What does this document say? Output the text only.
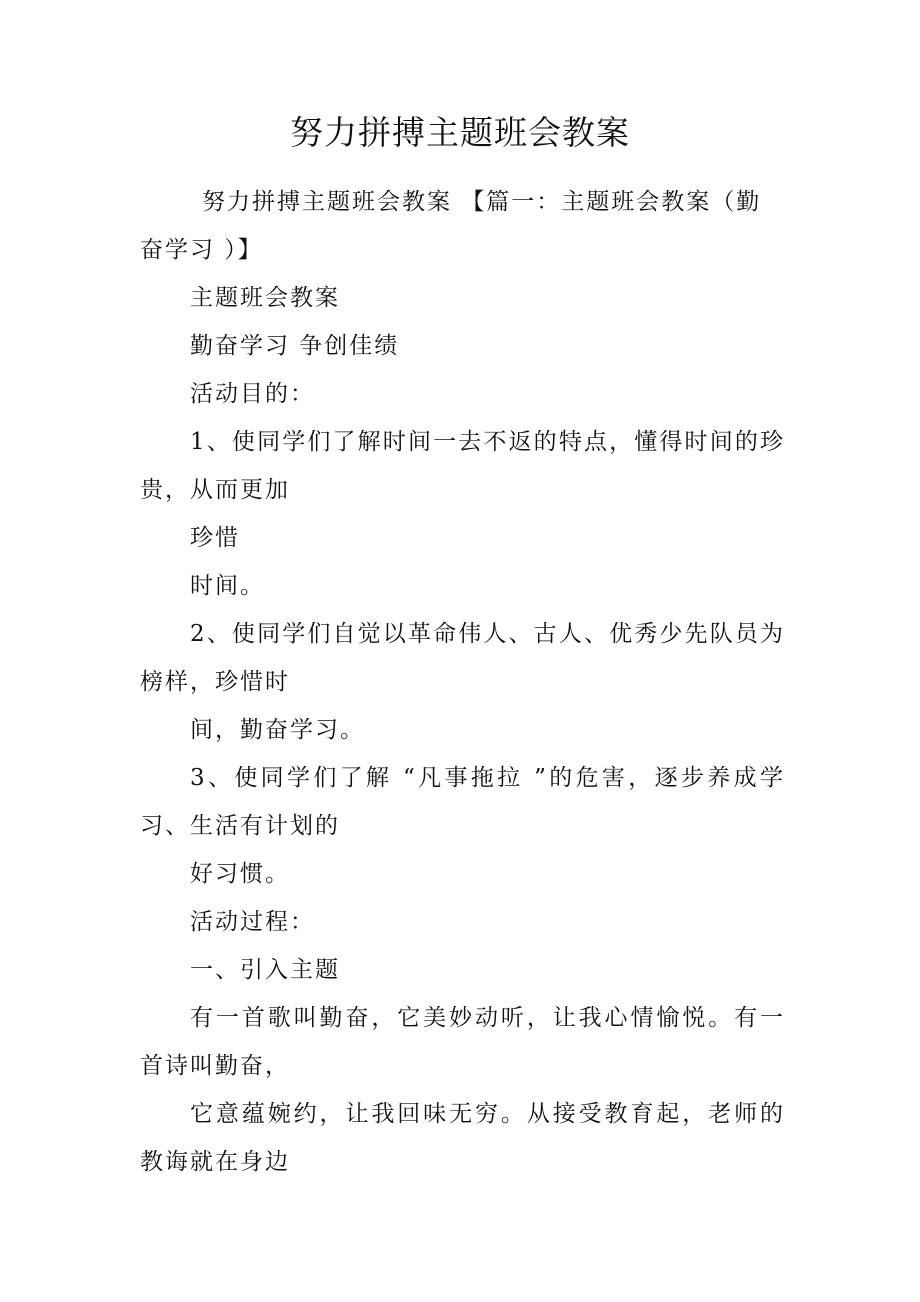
努力拼搏主题班会教案

努力拼搏主题班会教案 【篇一：主题班会教案（勤奋学习 ）】

主题班会教案

勤奋学习 争创佳绩

活动目的：

1、使同学们了解时间一去不返的特点，懂得时间的珍贵，从而更加

珍惜

时间。

2、使同学们自觉以革命伟人、古人、优秀少先队员为榜样，珍惜时

间，勤奋学习。

3、使同学们了解 “凡事拖拉 ”的危害，逐步养成学习、生活有计划的

好习惯。

活动过程：

一、引入主题

有一首歌叫勤奋，它美妙动听，让我心情愉悦。有一首诗叫勤奋，

它意蕴婉约，让我回味无穷。从接受教育起，老师的教诲就在身边
